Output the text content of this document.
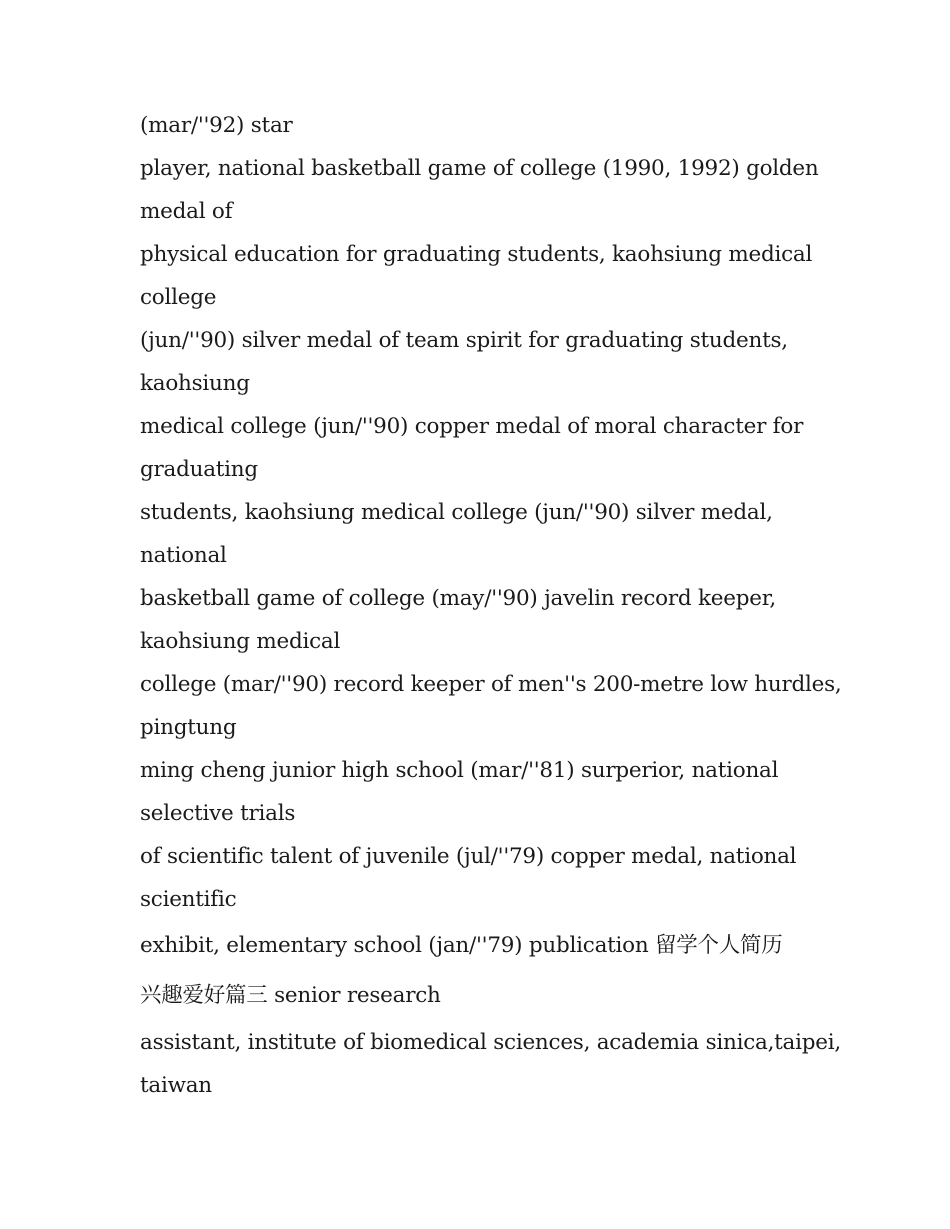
(mar/''92) star
player, national basketball game of college (1990, 1992) golden
medal of
physical education for graduating students, kaohsiung medical
college
(jun/''90) silver medal of team spirit for graduating students,
kaohsiung
medical college (jun/''90) copper medal of moral character for
graduating
students, kaohsiung medical college (jun/''90) silver medal,
national
basketball game of college (may/''90) javelin record keeper,
kaohsiung medical
college (mar/''90) record keeper of men''s 200-metre low hurdles,
pingtung
ming cheng junior high school (mar/''81) surperior, national
selective trials
of scientific talent of juvenile (jul/''79) copper medal, national
scientific
exhibit, elementary school (jan/''79) publication 留学个人简历
兴趣爱好篇三 senior research
assistant, institute of biomedical sciences, academia sinica,taipei,
taiwan
